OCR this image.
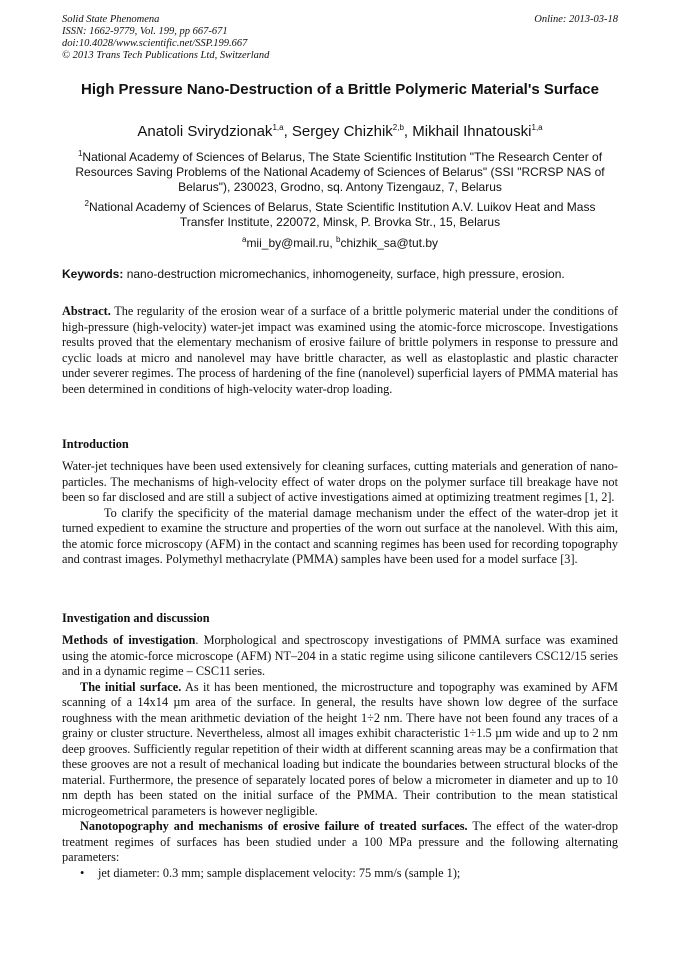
Solid State Phenomena
ISSN: 1662-9779, Vol. 199, pp 667-671
doi:10.4028/www.scientific.net/SSP.199.667
© 2013 Trans Tech Publications Ltd, Switzerland
Online: 2013-03-18
High Pressure Nano-Destruction of a Brittle Polymeric Material's Surface
Anatoli Svirydzionak$^{1,a}$, Sergey Chizhik$^{2,b}$, Mikhail Ihnatouski$^{1,a}$
$^1$National Academy of Sciences of Belarus, The State Scientific Institution "The Research Center of Resources Saving Problems of the National Academy of Sciences of Belarus" (SSI "RCRSP NAS of Belarus"), 230023, Grodno, sq. Antony Tizengauz, 7, Belarus
$^2$National Academy of Sciences of Belarus, State Scientific Institution A.V. Luikov Heat and Mass Transfer Institute, 220072, Minsk, P. Brovka Str., 15, Belarus
$^a$mii_by@mail.ru, $^b$chizhik_sa@tut.by
Keywords: nano-destruction micromechanics, inhomogeneity, surface, high pressure, erosion.
Abstract. The regularity of the erosion wear of a surface of a brittle polymeric material under the conditions of high-pressure (high-velocity) water-jet impact was examined using the atomic-force microscope. Investigations results proved that the elementary mechanism of erosive failure of brittle polymers in response to pressure and cyclic loads at micro and nanolevel may have brittle character, as well as elastoplastic and plastic character under severer regimes. The process of hardening of the fine (nanolevel) superficial layers of PMMA material has been determined in conditions of high-velocity water-drop loading.
Introduction

Water-jet techniques have been used extensively for cleaning surfaces, cutting materials and generation of nano-particles. The mechanisms of high-velocity effect of water drops on the polymer surface till breakage have not been so far disclosed and are still a subject of active investigations aimed at optimizing treatment regimes [1, 2].

To clarify the specificity of the material damage mechanism under the effect of the water-drop jet it turned expedient to examine the structure and properties of the worn out surface at the nanolevel. With this aim, the atomic force microscopy (AFM) in the contact and scanning regimes has been used for recording topography and contrast images. Polymethyl methacrylate (PMMA) samples have been used for a model surface [3].

Investigation and discussion

Methods of investigation. Morphological and spectroscopy investigations of PMMA surface was examined using the atomic-force microscope (AFM) NT–204 in a static regime using silicone cantilevers CSC12/15 series and in a dynamic regime – CSC11 series.

The initial surface. As it has been mentioned, the microstructure and topography was examined by AFM scanning of a 14x14 µm area of the surface. In general, the results have shown low degree of the surface roughness with the mean arithmetic deviation of the height 1÷2 nm. There have not been found any traces of a grainy or cluster structure. Nevertheless, almost all images exhibit characteristic 1÷1.5 µm wide and up to 2 nm deep grooves. Sufficiently regular repetition of their width at different scanning areas may be a confirmation that these grooves are not a result of mechanical loading but indicate the boundaries between structural blocks of the material. Furthermore, the presence of separately located pores of below a micrometer in diameter and up to 10 nm depth has been stated on the initial surface of the PMMA. Their contribution to the mean statistical microgeometrical parameters is however negligible.

Nanotopography and mechanisms of erosive failure of treated surfaces. The effect of the water-drop treatment regimes of surfaces has been studied under a 100 MPa pressure and the following alternating parameters:

• jet diameter: 0.3 mm; sample displacement velocity: 75 mm/s (sample 1);
